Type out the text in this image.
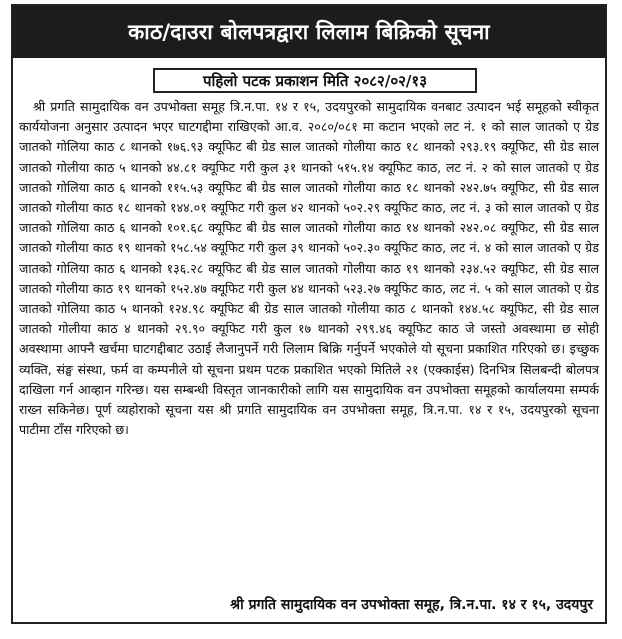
काठ/दाउरा बोलपत्रद्वारा लिलाम बिक्रिको सूचना
पहिलो पटक प्रकाशन मिति २०८२/०२/१३

श्री प्रगति सामुदायिक वन उपभोक्ता समूह त्रि.न.पा. १४ र १५, उदयपुरको सामुदायिक वनबाट उत्पादन भई समूहको स्वीकृत कार्ययोजना अनुसार उत्पादन भएर घाटगद्दीमा राखिएको आ.व. २०८०/०८१ मा कटान भएको लट नं. १ को साल जातको ए ग्रेड जातको गोलिया काठ ८ थानको १७६.९३ क्यूफिट बी ग्रेड साल जातको गोलीया काठ १८ थानको २९३.१९ क्यूफिट, सी ग्रेड साल जातको गोलीया काठ ५ थानको ४४.८१ क्यूफिट गरी कुल ३१ थानको ५१५.१४ क्यूफिट काठ, लट नं. २ को साल जातको ए ग्रेड जातको गोलिया काठ ६ थानको ११५.५३ क्यूफिट बी ग्रेड साल जातको गोलीया काठ १८ थानको २४२.७५ क्यूफिट, सी ग्रेड साल जातको गोलीया काठ १८ थानको १४४.०१ क्यूफिट गरी कुल ४२ थानको ५०२.२९ क्यूफिट काठ, लट नं. ३ को साल जातको ए ग्रेड जातको गोलिया काठ ६ थानको १०१.६८ क्यूफिट बी ग्रेड साल जातको गोलीया काठ १४ थानको २४२.०८ क्यूफिट, सी ग्रेड साल जातको गोलीया काठ १९ थानको १५८.५४ क्यूफिट गरी कुल ३९ थानको ५०२.३० क्यूफिट काठ, लट नं. ४ को साल जातको ए ग्रेड जातको गोलिया काठ ६ थानको १३६.२८ क्यूफिट बी ग्रेड साल जातको गोलीया काठ १९ थानको २३४.५२ क्यूफिट, सी ग्रेड साल जातको गोलीया काठ १९ थानको १५२.४७ क्यूफिट गरी कुल ४४ थानको ५२३.२७ क्यूफिट काठ, लट नं. ५ को साल जातको ए ग्रेड जातको गोलिया काठ ५ थानको १२४.९८ क्यूफिट बी ग्रेड साल जातको गोलीया काठ ८ थानको १४४.५८ क्यूफिट, सी ग्रेड साल जातको गोलीया काठ ४ थानको २९.९० क्यूफिट गरी कुल १७ थानको २९९.४६ क्यूफिट काठ जे जस्तो अवस्थामा छ सोही अवस्थामा आफ्नै खर्चमा घाटगद्दीबाट उठाई लैजानुपर्ने गरी लिलाम बिक्रि गर्नुपर्ने भएकोले यो सूचना प्रकाशित गरिएको छ। इच्छुक व्यक्ति, संङ्घ संस्था, फर्म वा कम्पनीले यो सूचना प्रथम पटक प्रकाशित भएको मितिले २१ (एक्काईस) दिनभित्र सिलबन्दी बोलपत्र दाखिला गर्न आव्हान गरिन्छ। यस सम्बन्धी विस्तृत जानकारीको लागि यस सामुदायिक वन उपभोक्ता समूहको कार्यालयमा सम्पर्क राख्न सकिनेछ। पूर्ण व्यहोराको सूचना यस श्री प्रगति सामुदायिक वन उपभोक्ता समूह, त्रि.न.पा. १४ र १५, उदयपुरको सूचना पाटीमा टाँस गरिएको छ।

श्री प्रगति सामुदायिक वन उपभोक्ता समूह, त्रि.न.पा. १४ र १५, उदयपुर
